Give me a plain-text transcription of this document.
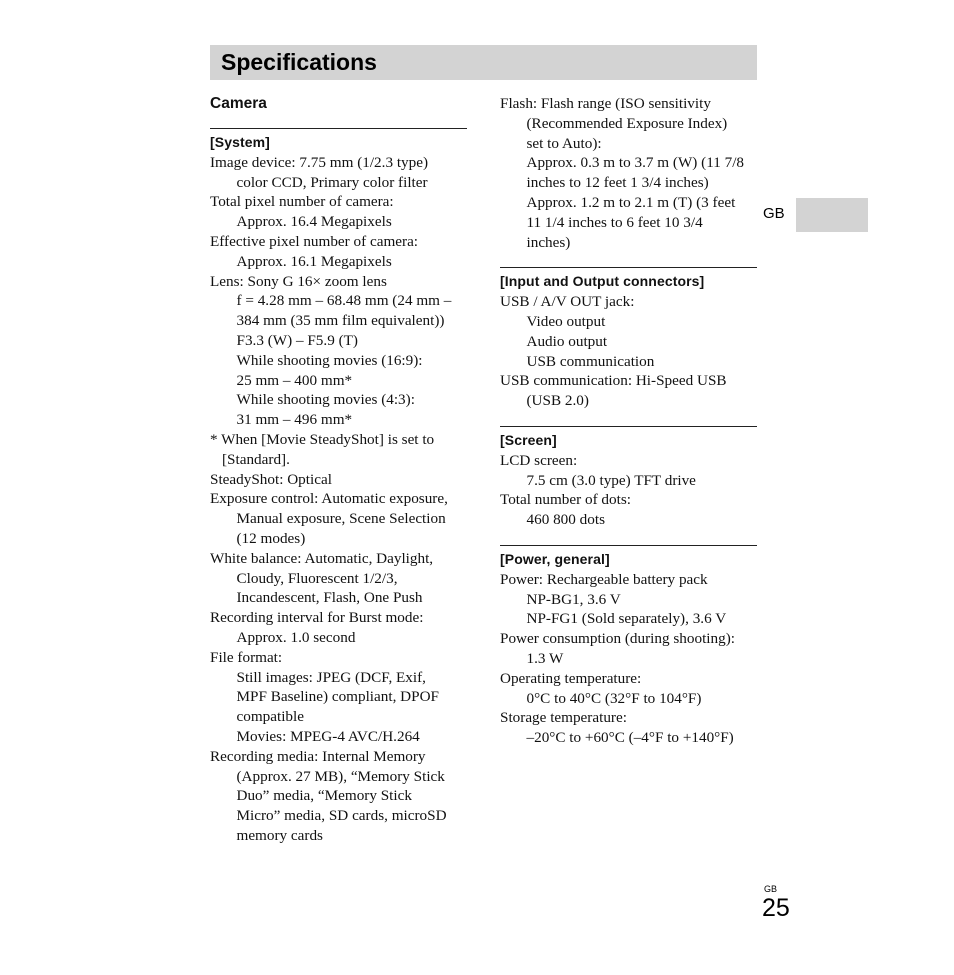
Specifications
GB
Camera
[System]
Image device: 7.75 mm (1/2.3 type)
color CCD, Primary color filter
Total pixel number of camera:
Approx. 16.4 Megapixels
Effective pixel number of camera:
Approx. 16.1 Megapixels
Lens: Sony G 16× zoom lens
f = 4.28 mm – 68.48 mm (24 mm –
384 mm (35 mm film equivalent))
F3.3 (W) – F5.9 (T)
While shooting movies (16:9):
25 mm – 400 mm*
While shooting movies (4:3):
31 mm – 496 mm*
* When [Movie SteadyShot] is set to
[Standard].
SteadyShot: Optical
Exposure control: Automatic exposure,
Manual exposure, Scene Selection
(12 modes)
White balance: Automatic, Daylight,
Cloudy, Fluorescent 1/2/3,
Incandescent, Flash, One Push
Recording interval for Burst mode:
Approx. 1.0 second
File format:
Still images: JPEG (DCF, Exif,
MPF Baseline) compliant, DPOF
compatible
Movies: MPEG-4 AVC/H.264
Recording media: Internal Memory
(Approx. 27 MB), “Memory Stick
Duo” media, “Memory Stick
Micro” media, SD cards, microSD
memory cards
Flash: Flash range (ISO sensitivity
(Recommended Exposure Index)
set to Auto):
Approx. 0.3 m to 3.7 m (W) (11 7/8
inches to 12 feet 1 3/4 inches)
Approx. 1.2 m to 2.1 m (T) (3 feet
11 1/4 inches to 6 feet 10 3/4
inches)
[Input and Output connectors]
USB / A/V OUT jack:
Video output
Audio output
USB communication
USB communication: Hi-Speed USB
(USB 2.0)
[Screen]
LCD screen:
7.5 cm (3.0 type) TFT drive
Total number of dots:
460 800 dots
[Power, general]
Power: Rechargeable battery pack
NP-BG1, 3.6 V
NP-FG1 (Sold separately), 3.6 V
Power consumption (during shooting):
1.3 W
Operating temperature:
0°C to 40°C (32°F to 104°F)
Storage temperature:
–20°C to +60°C (–4°F to +140°F)
GB
25
